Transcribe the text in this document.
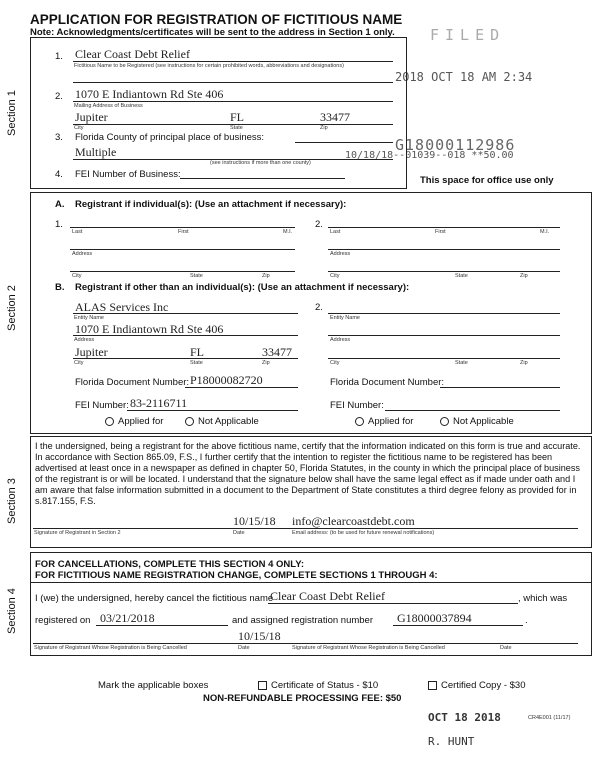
APPLICATION FOR REGISTRATION OF FICTITIOUS NAME
Note: Acknowledgments/certificates will be sent to the address in Section 1 only. FILED
2018 OCT 18 AM 2:34
G18000112986
10/18/18--01039--018 **50.00
Section 1
1. Clear Coast Debt Relief
Fictitious Name to be Registered (see instructions for certain prohibited words, abbreviations and designations)
2. 1070 E Indiantown Rd Ste 406
Mailing Address of Business
Jupiter	FL	33477
City	State	Zip
3. Florida County of principal place of business:
Multiple
(see instructions if more than one county)
4. FEI Number of Business:
This space for office use only
Section 2
A. Registrant if individual(s): (Use an attachment if necessary):
1.
Last	First	M.I.
Address
City	State	Zip
2.
Last	First	M.I.
Address
City	State	Zip
B. Registrant if other than an individual(s): (Use an attachment if necessary):
ALAS Services Inc
Entity Name
1070 E Indiantown Rd Ste 406
Address
Jupiter	FL	33477
City	State	Zip
2.
Entity Name
Address
City	State	Zip
Florida Document Number: P18000082720	Florida Document Number:
FEI Number: 83-2116711	FEI Number:
Applied for	Not Applicable	Applied for	Not Applicable
Section 3
I the undersigned, being a registrant for the above fictitious name, certify that the information indicated on this form is true and accurate. In accordance with Section 865.09, F.S., I further certify that the intention to register the fictitious name to be registered has been advertised at least once in a newspaper as defined in chapter 50, Florida Statutes, in the county in which the principal place of business of the registrant is or will be located. I understand that the signature below shall have the same legal effect as if made under oath and I am aware that false information submitted in a document to the Department of State constitutes a third degree felony as provided for in s.817.155, F.S.
10/15/18 info@clearcoastdebt.com
Signature of Registrant in Section 2	Date	Email address: (to be used for future renewal notifications)
Section 4
FOR CANCELLATIONS, COMPLETE THIS SECTION 4 ONLY:
FOR FICTITIOUS NAME REGISTRATION CHANGE, COMPLETE SECTIONS 1 THROUGH 4:
I (we) the undersigned, hereby cancel the fictitious name
Clear Coast Debt Relief	, which was
registered on 03/21/2018	and assigned registration number G18000037894	.
10/15/18
Signature of Registrant Whose Registration is Being Cancelled	Date	Signature of Registrant Whose Registration is Being Cancelled	Date
Mark the applicable boxes	Certificate of Status - $10	Certified Copy - $30
NON-REFUNDABLE PROCESSING FEE: $50
OCT 18 2018	CR4E001 (11/17)
R. HUNT
